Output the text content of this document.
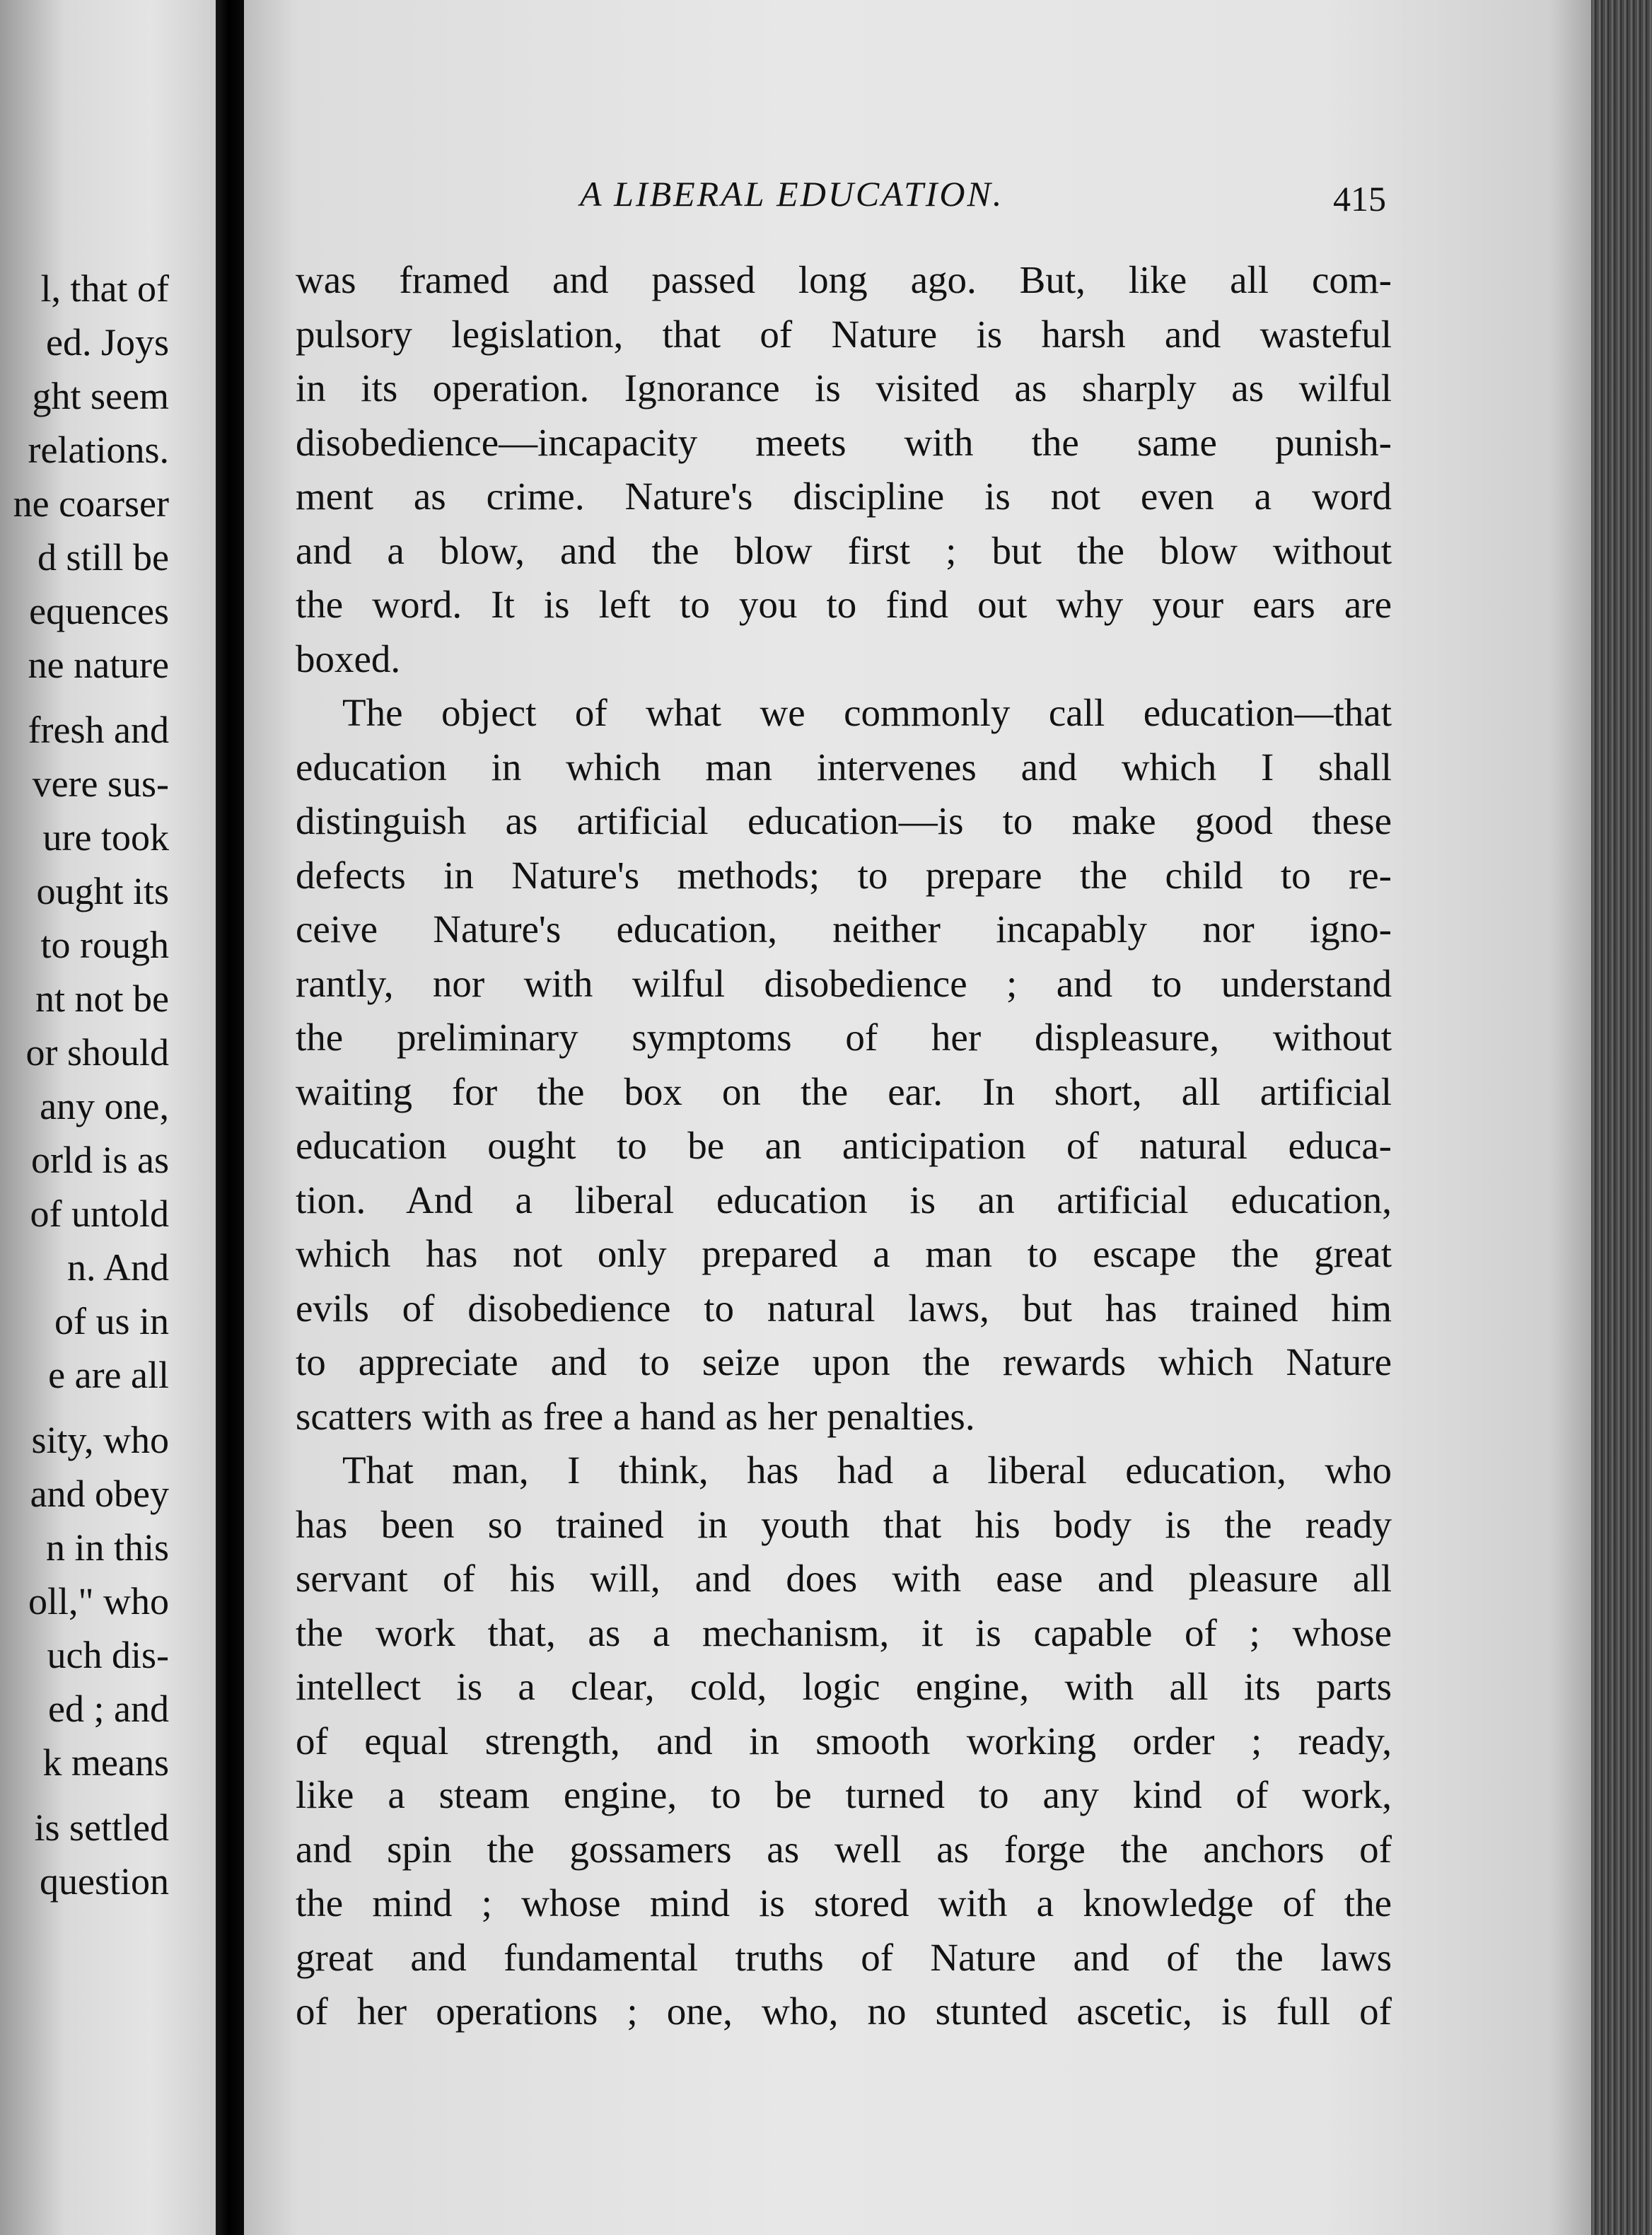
l, that of
ed. Joys
ght seem
relations.
ne coarser
d still be
equences
ne nature
fresh and
vere sus-
ure took
ought its
to rough
nt not be
or should
any one,
orld is as
of untold
n. And
of us in
e are all
sity, who
and obey
n in this
oll," who
uch dis-
ed ; and
k means
is settled
question
A LIBERAL EDUCATION.	415
was framed and passed long ago. But, like all com-
pulsory legislation, that of Nature is harsh and wasteful
in its operation. Ignorance is visited as sharply as wilful
disobedience—incapacity meets with the same punish-
ment as crime. Nature's discipline is not even a word
and a blow, and the blow first ; but the blow without
the word. It is left to you to find out why your ears are
boxed.
The object of what we commonly call education—that
education in which man intervenes and which I shall
distinguish as artificial education—is to make good these
defects in Nature's methods; to prepare the child to re-
ceive Nature's education, neither incapably nor igno-
rantly, nor with wilful disobedience ; and to understand
the preliminary symptoms of her displeasure, without
waiting for the box on the ear. In short, all artificial
education ought to be an anticipation of natural educa-
tion. And a liberal education is an artificial education,
which has not only prepared a man to escape the great
evils of disobedience to natural laws, but has trained him
to appreciate and to seize upon the rewards which Nature
scatters with as free a hand as her penalties.
That man, I think, has had a liberal education, who
has been so trained in youth that his body is the ready
servant of his will, and does with ease and pleasure all
the work that, as a mechanism, it is capable of ; whose
intellect is a clear, cold, logic engine, with all its parts
of equal strength, and in smooth working order ; ready,
like a steam engine, to be turned to any kind of work,
and spin the gossamers as well as forge the anchors of
the mind ; whose mind is stored with a knowledge of the
great and fundamental truths of Nature and of the laws
of her operations ; one, who, no stunted ascetic, is full of
